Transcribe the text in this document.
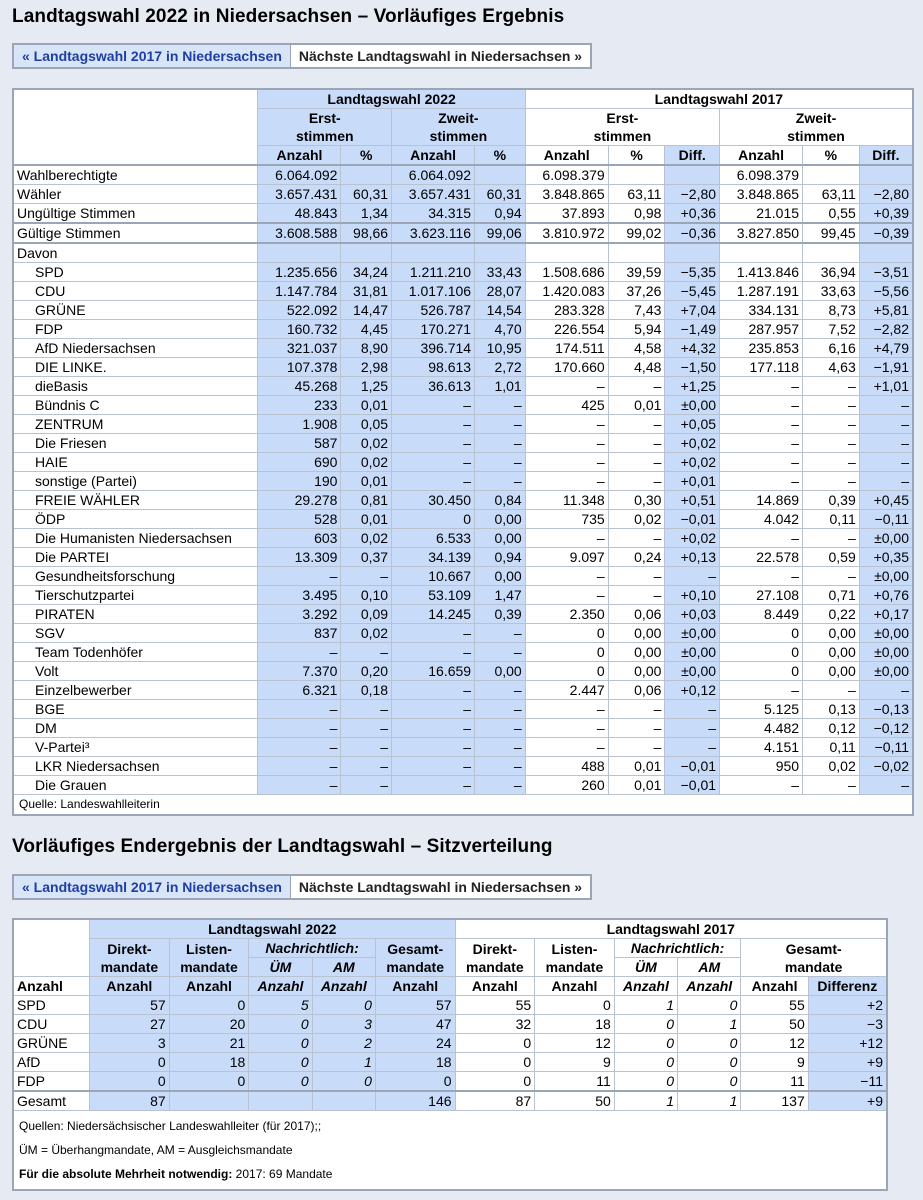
Landtagswahl 2022 in Niedersachsen – Vorläufiges Ergebnis
« Landtagswahl 2017 in Niedersachsen	Nächste Landtagswahl in Niedersachsen »
	Landtagswahl 2022				Landtagswahl 2017					
	Erst-
stimmen		Zweit-
stimmen		Erst-
stimmen			Zweit-
stimmen		
	Anzahl	%	Anzahl	%	Anzahl	%	Diff.	Anzahl	%	Diff.
Wahlberechtigte	6.064.092		6.064.092		6.098.379			6.098.379		
Wähler	3.657.431	60,31	3.657.431	60,31	3.848.865	63,11	−2,80	3.848.865	63,11	−2,80
Ungültige Stimmen	48.843	1,34	34.315	0,94	37.893	0,98	+0,36	21.015	0,55	+0,39
Gültige Stimmen	3.608.588	98,66	3.623.116	99,06	3.810.972	99,02	−0,36	3.827.850	99,45	−0,39
Davon										
SPD	1.235.656	34,24	1.211.210	33,43	1.508.686	39,59	−5,35	1.413.846	36,94	−3,51
CDU	1.147.784	31,81	1.017.106	28,07	1.420.083	37,26	−5,45	1.287.191	33,63	−5,56
GRÜNE	522.092	14,47	526.787	14,54	283.328	7,43	+7,04	334.131	8,73	+5,81
FDP	160.732	4,45	170.271	4,70	226.554	5,94	−1,49	287.957	7,52	−2,82
AfD Niedersachsen	321.037	8,90	396.714	10,95	174.511	4,58	+4,32	235.853	6,16	+4,79
DIE LINKE.	107.378	2,98	98.613	2,72	170.660	4,48	−1,50	177.118	4,63	−1,91
dieBasis	45.268	1,25	36.613	1,01	–	–	+1,25	–	–	+1,01
Bündnis C	233	0,01	–	–	425	0,01	±0,00	–	–	–
ZENTRUM	1.908	0,05	–	–	–	–	+0,05	–	–	–
Die Friesen	587	0,02	–	–	–	–	+0,02	–	–	–
HAIE	690	0,02	–	–	–	–	+0,02	–	–	–
sonstige (Partei)	190	0,01	–	–	–	–	+0,01	–	–	–
FREIE WÄHLER	29.278	0,81	30.450	0,84	11.348	0,30	+0,51	14.869	0,39	+0,45
ÖDP	528	0,01	0	0,00	735	0,02	−0,01	4.042	0,11	−0,11
Die Humanisten Niedersachsen	603	0,02	6.533	0,00	–	–	+0,02	–	–	±0,00
Die PARTEI	13.309	0,37	34.139	0,94	9.097	0,24	+0,13	22.578	0,59	+0,35
Gesundheitsforschung	–	–	10.667	0,00	–	–	–	–	–	±0,00
Tierschutzpartei	3.495	0,10	53.109	1,47	–	–	+0,10	27.108	0,71	+0,76
PIRATEN	3.292	0,09	14.245	0,39	2.350	0,06	+0,03	8.449	0,22	+0,17
SGV	837	0,02	–	–	0	0,00	±0,00	0	0,00	±0,00
Team Todenhöfer	–	–	–	–	0	0,00	±0,00	0	0,00	±0,00
Volt	7.370	0,20	16.659	0,00	0	0,00	±0,00	0	0,00	±0,00
Einzelbewerber	6.321	0,18	–	–	2.447	0,06	+0,12	–	–	–
BGE	–	–	–	–	–	–	–	5.125	0,13	−0,13
DM	–	–	–	–	–	–	–	4.482	0,12	−0,12
V-Partei³	–	–	–	–	–	–	–	4.151	0,11	−0,11
LKR Niedersachsen	–	–	–	–	488	0,01	−0,01	950	0,02	−0,02
Die Grauen	–	–	–	–	260	0,01	−0,01	–	–	–
Quelle: Landeswahlleiterin										
Vorläufiges Endergebnis der Landtagswahl – Sitzverteilung
« Landtagswahl 2017 in Niedersachsen	Nächste Landtagswahl in Niedersachsen »
	Landtagswahl 2022					Landtagswahl 2017					
	Direkt-
mandate	Listen-
mandate	Nachrichtlich:		Gesamt-
mandate	Direkt-
mandate	Listen-
mandate	Nachrichtlich:		Gesamt-
mandate	
			ÜM	AM				ÜM	AM		
Anzahl	Anzahl	Anzahl	Anzahl	Anzahl	Anzahl	Anzahl	Anzahl	Anzahl	Anzahl	Anzahl	Differenz
SPD	57	0	5	0	57	55	0	1	0	55	+2
CDU	27	20	0	3	47	32	18	0	1	50	−3
GRÜNE	3	21	0	2	24	0	12	0	0	12	+12
AfD	0	18	0	1	18	0	9	0	0	9	+9
FDP	0	0	0	0	0	0	11	0	0	11	−11
Gesamt	87				146	87	50	1	1	137	+9

Quellen: Niedersächsischer Landeswahlleiter (für 2017);;
ÜM = Überhangmandate, AM = Ausgleichsmandate
Für die absolute Mehrheit notwendig: 2017: 69 Mandate											
